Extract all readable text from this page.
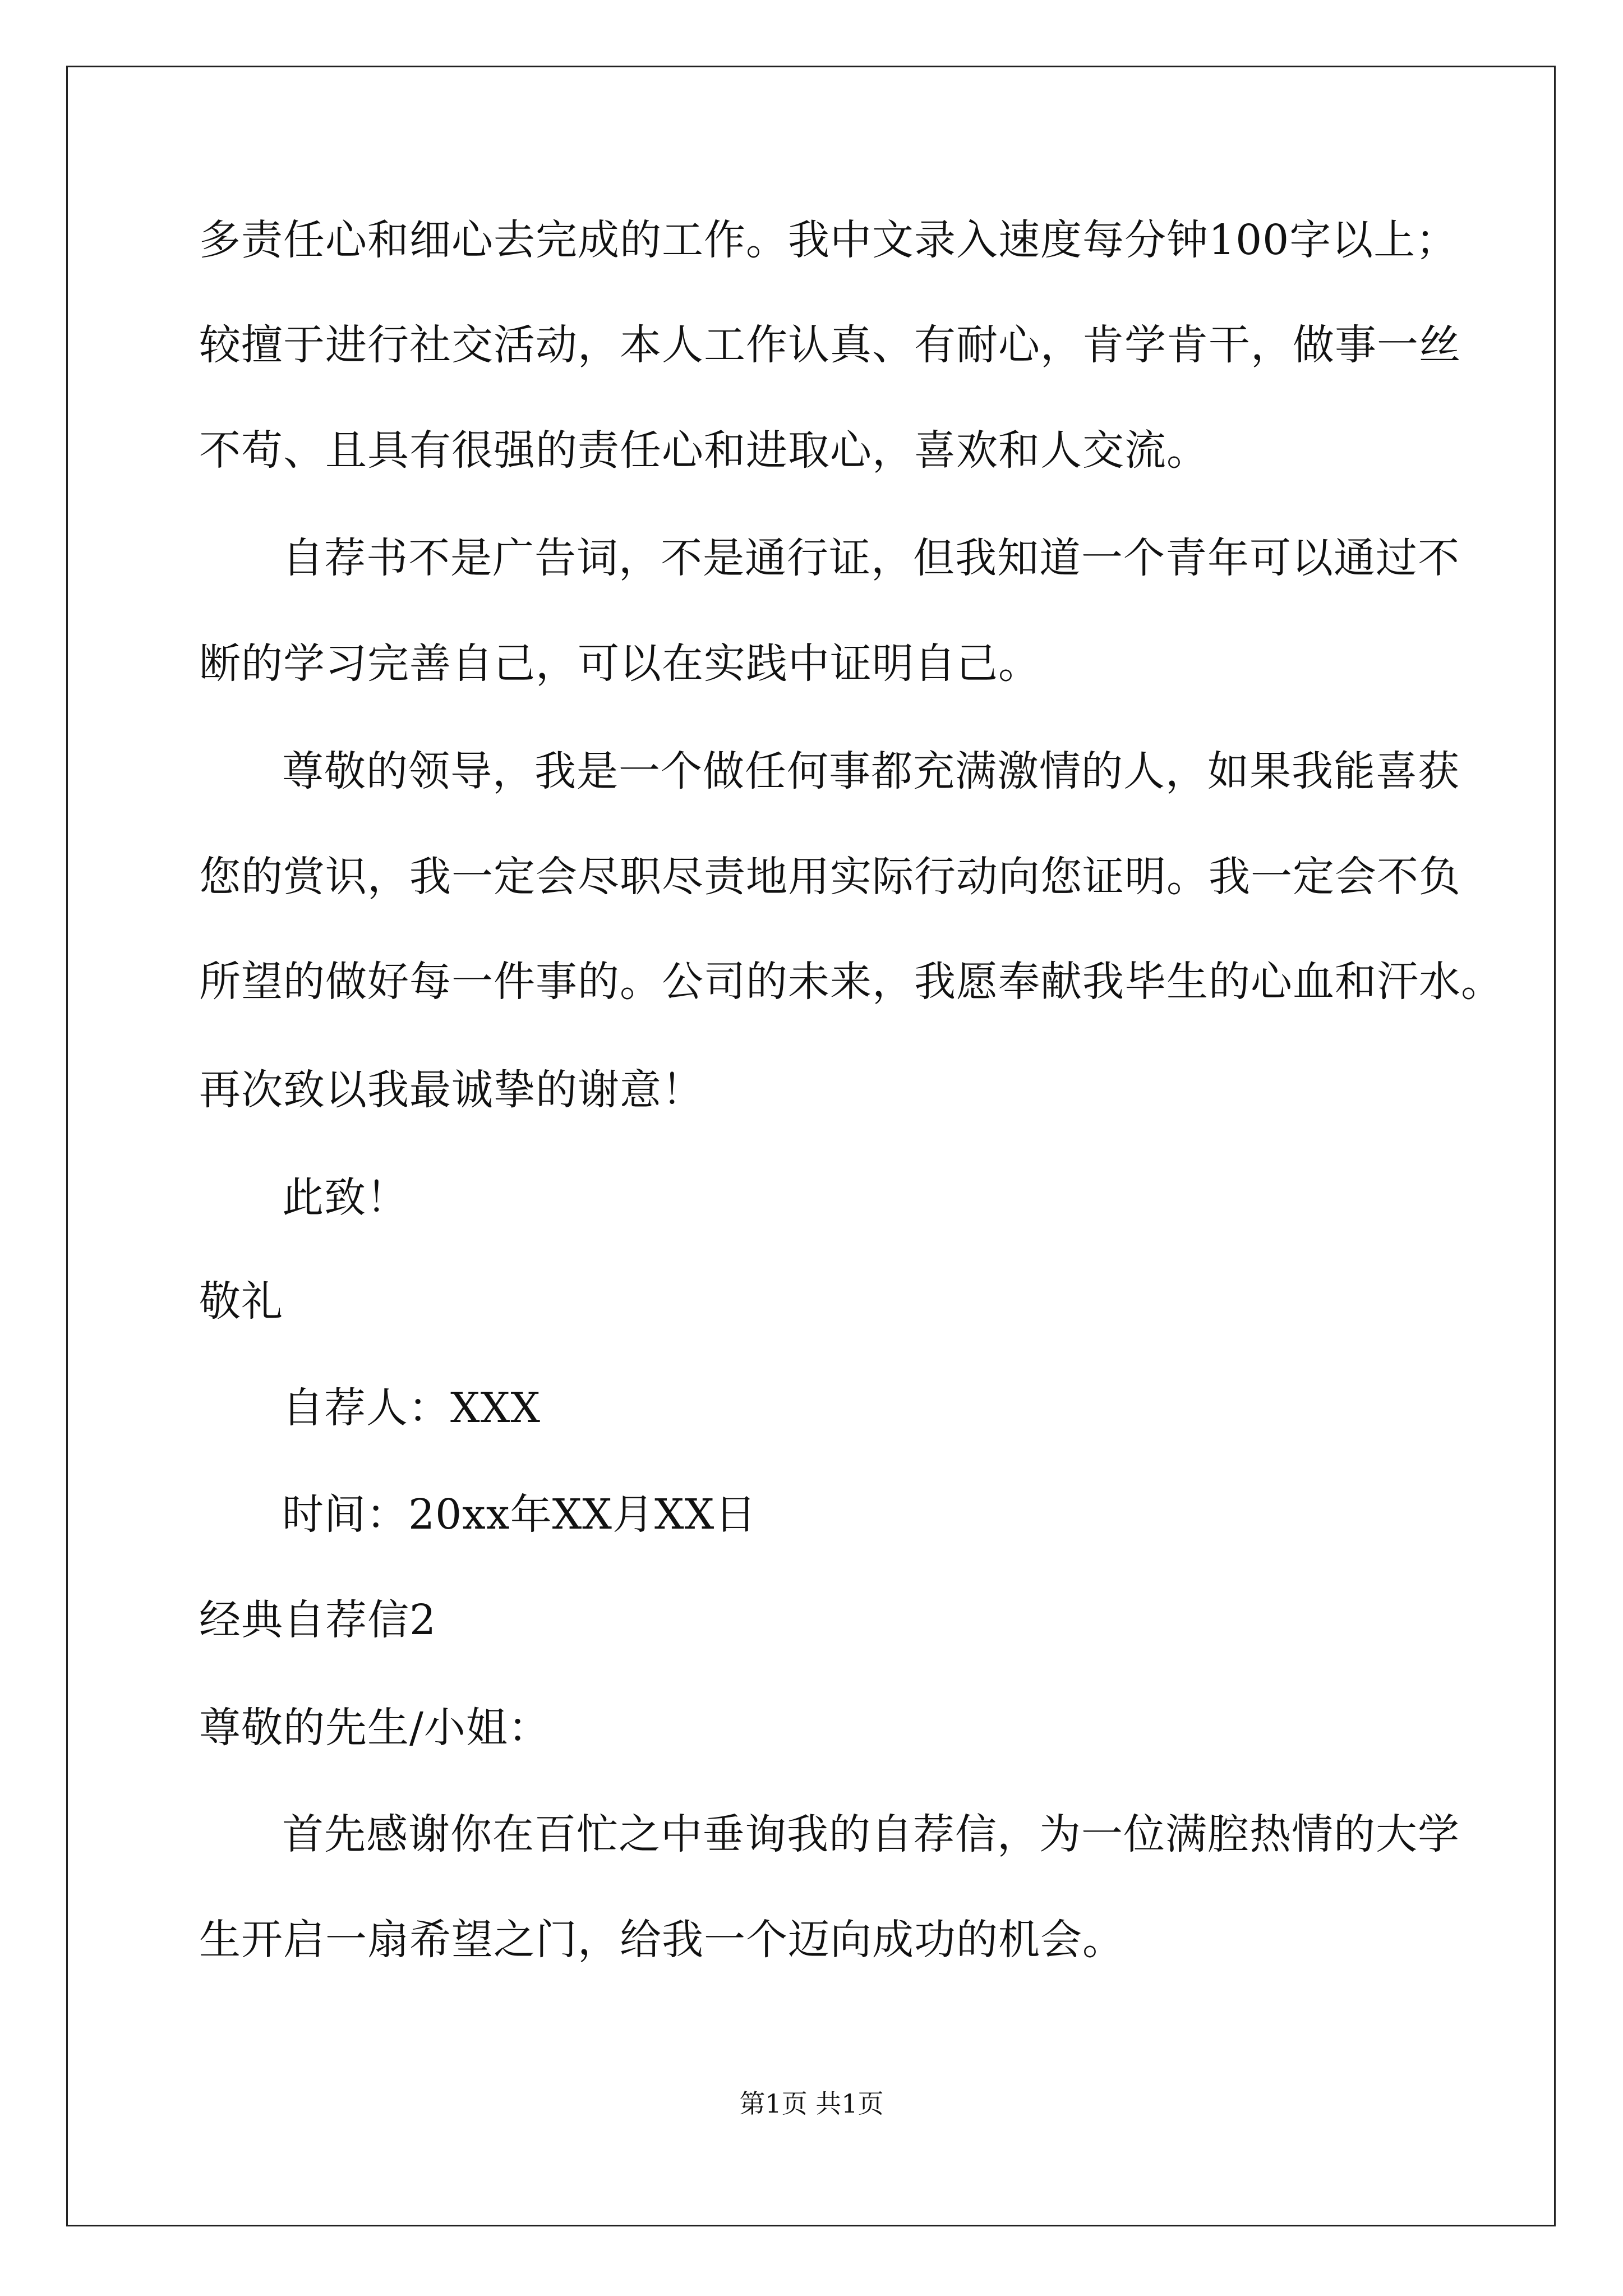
多责任心和细心去完成的工作。我中文录入速度每分钟100字以上；
较擅于进行社交活动，本人工作认真、有耐心，肯学肯干，做事一丝
不苟、且具有很强的责任心和进取心，喜欢和人交流。
自荐书不是广告词，不是通行证，但我知道一个青年可以通过不
断的学习完善自己，可以在实践中证明自己。
尊敬的领导，我是一个做任何事都充满激情的人，如果我能喜获
您的赏识，我一定会尽职尽责地用实际行动向您证明。我一定会不负
所望的做好每一件事的。公司的未来，我愿奉献我毕生的心血和汗水。
再次致以我最诚挚的谢意！
此致！
敬礼
自荐人：XXX
时间：20xx年XX月XX日
经典自荐信2
尊敬的先生/小姐：
首先感谢你在百忙之中垂询我的自荐信，为一位满腔热情的大学
生开启一扇希望之门，给我一个迈向成功的机会。
第1页 共1页
